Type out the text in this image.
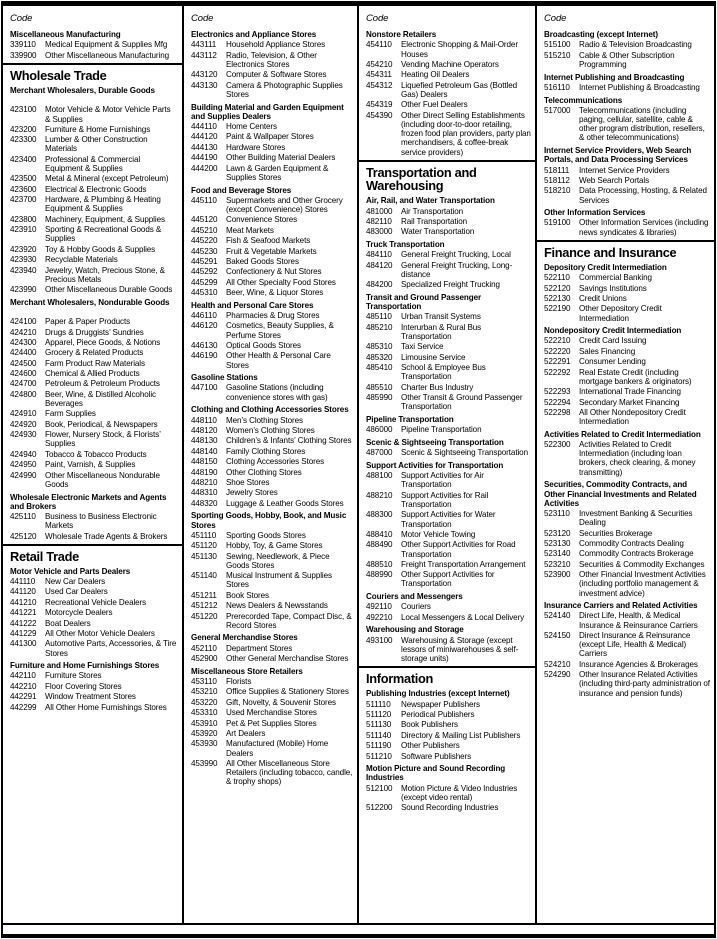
Code
Miscellaneous Manufacturing
339110	Medical Equipment & Supplies Mfg
339900	Other Miscellaneous Manufacturing
Wholesale Trade
Merchant Wholesalers, Durable Goods
423100	Motor Vehicle & Motor Vehicle Parts & Supplies
423200	Furniture & Home Furnishings
423300	Lumber & Other Construction Materials
423400	Professional & Commercial Equipment & Supplies
423500	Metal & Mineral (except Petroleum)
423600	Electrical & Electronic Goods
423700	Hardware, & Plumbing & Heating Equipment & Supplies
423800	Machinery, Equipment, & Supplies
423910	Sporting & Recreational Goods & Supplies
423920	Toy & Hobby Goods & Supplies
423930	Recyclable Materials
423940	Jewelry, Watch, Precious Stone, & Precious Metals
423990	Other Miscellaneous Durable Goods
Merchant Wholesalers, Nondurable Goods
424100	Paper & Paper Products
424210	Drugs & Druggists’ Sundries
424300	Apparel, Piece Goods, & Notions
424400	Grocery & Related Products
424500	Farm Product Raw Materials
424600	Chemical & Allied Products
424700	Petroleum & Petroleum Products
424800	Beer, Wine, & Distilled Alcoholic Beverages
424910	Farm Supplies
424920	Book, Periodical, & Newspapers
424930	Flower, Nursery Stock, & Florists’ Supplies
424940	Tobacco & Tobacco Products
424950	Paint, Varnish, & Supplies
424990	Other Miscellaneous Nondurable Goods
Wholesale Electronic Markets and Agents and Brokers
425110	Business to Business Electronic Markets
425120	Wholesale Trade Agents & Brokers
Retail Trade
Motor Vehicle and Parts Dealers
441110	New Car Dealers
441120	Used Car Dealers
441210	Recreational Vehicle Dealers
441221	Motorcycle Dealers
441222	Boat Dealers
441229	All Other Motor Vehicle Dealers
441300	Automotive Parts, Accessories, & Tire Stores
Furniture and Home Furnishings Stores
442110	Furniture Stores
442210	Floor Covering Stores
442291	Window Treatment Stores
442299	All Other Home Furnishings Stores
Code
Electronics and Appliance Stores
443111	Household Appliance Stores
443112	Radio, Television, & Other Electronics Stores
443120	Computer & Software Stores
443130	Camera & Photographic Supplies Stores
Building Material and Garden Equipment and Supplies Dealers
444110	Home Centers
444120	Paint & Wallpaper Stores
444130	Hardware Stores
444190	Other Building Material Dealers
444200	Lawn & Garden Equipment & Supplies Stores
Food and Beverage Stores
445110	Supermarkets and Other Grocery (except Convenience) Stores
445120	Convenience Stores
445210	Meat Markets
445220	Fish & Seafood Markets
445230	Fruit & Vegetable Markets
445291	Baked Goods Stores
445292	Confectionery & Nut Stores
445299	All Other Specialty Food Stores
445310	Beer, Wine, & Liquor Stores
Health and Personal Care Stores
446110	Pharmacies & Drug Stores
446120	Cosmetics, Beauty Supplies, & Perfume Stores
446130	Optical Goods Stores
446190	Other Health & Personal Care Stores
Gasoline Stations
447100	Gasoline Stations (including convenience stores with gas)
Clothing and Clothing Accessories Stores
448110	Men’s Clothing Stores
448120	Women’s Clothing Stores
448130	Children’s & Infants’ Clothing Stores
448140	Family Clothing Stores
448150	Clothing Accessories Stores
448190	Other Clothing Stores
448210	Shoe Stores
448310	Jewelry Stores
448320	Luggage & Leather Goods Stores
Sporting Goods, Hobby, Book, and Music Stores
451110	Sporting Goods Stores
451120	Hobby, Toy, & Game Stores
451130	Sewing, Needlework, & Piece Goods Stores
451140	Musical Instrument & Supplies Stores
451211	Book Stores
451212	News Dealers & Newsstands
451220	Prerecorded Tape, Compact Disc, & Record Stores
General Merchandise Stores
452110	Department Stores
452900	Other General Merchandise Stores
Miscellaneous Store Retailers
453110	Florists
453210	Office Supplies & Stationery Stores
453220	Gift, Novelty, & Souvenir Stores
453310	Used Merchandise Stores
453910	Pet & Pet Supplies Stores
453920	Art Dealers
453930	Manufactured (Mobile) Home Dealers
453990	All Other Miscellaneous Store Retailers (including tobacco, candle, & trophy shops)
Code
Nonstore Retailers
454110	Electronic Shopping & Mail-Order Houses
454210	Vending Machine Operators
454311	Heating Oil Dealers
454312	Liquefied Petroleum Gas (Bottled Gas) Dealers
454319	Other Fuel Dealers
454390	Other Direct Selling Establishments (including door-to-door retailing, frozen food plan providers, party plan merchandisers, & coffee-break service providers)
Transportation and Warehousing
Air, Rail, and Water Transportation
481000	Air Transportation
482110	Rail Transportation
483000	Water Transportation
Truck Transportation
484110	General Freight Trucking, Local
484120	General Freight Trucking, Long-distance
484200	Specialized Freight Trucking
Transit and Ground Passenger Transportation
485110	Urban Transit Systems
485210	Interurban & Rural Bus Transportation
485310	Taxi Service
485320	Limousine Service
485410	School & Employee Bus Transportation
485510	Charter Bus Industry
485990	Other Transit & Ground Passenger Transportation
Pipeline Transportation
486000	Pipeline Transportation
Scenic & Sightseeing Transportation
487000	Scenic & Sightseeing Transportation
Support Activities for Transportation
488100	Support Activities for Air Transportation
488210	Support Activities for Rail Transportation
488300	Support Activities for Water Transportation
488410	Motor Vehicle Towing
488490	Other Support Activities for Road Transportation
488510	Freight Transportation Arrangement
488990	Other Support Activities for Transportation
Couriers and Messengers
492110	Couriers
492210	Local Messengers & Local Delivery
Warehousing and Storage
493100	Warehousing & Storage (except lessors of miniwarehouses & self-storage units)
Information
Publishing Industries (except Internet)
511110	Newspaper Publishers
511120	Periodical Publishers
511130	Book Publishers
511140	Directory & Mailing List Publishers
511190	Other Publishers
511210	Software Publishers
Motion Picture and Sound Recording Industries
512100	Motion Picture & Video Industries (except video rental)
512200	Sound Recording Industries
Code
Broadcasting (except Internet)
515100	Radio & Television Broadcasting
515210	Cable & Other Subscription Programming
Internet Publishing and Broadcasting
516110	Internet Publishing & Broadcasting
Telecommunications
517000	Telecommunications (including paging, cellular, satellite, cable & other program distribution, resellers, & other telecommunications)
Internet Service Providers, Web Search Portals, and Data Processing Services
518111	Internet Service Providers
518112	Web Search Portals
518210	Data Processing, Hosting, & Related Services
Other Information Services
519100	Other Information Services (including news syndicates & libraries)
Finance and Insurance
Depository Credit Intermediation
522110	Commercial Banking
522120	Savings Institutions
522130	Credit Unions
522190	Other Depository Credit Intermediation
Nondepository Credit Intermediation
522210	Credit Card Issuing
522220	Sales Financing
522291	Consumer Lending
522292	Real Estate Credit (including mortgage bankers & originators)
522293	International Trade Financing
522294	Secondary Market Financing
522298	All Other Nondepository Credit Intermediation
Activities Related to Credit Intermediation
522300	Activities Related to Credit Intermediation (including loan brokers, check clearing, & money transmitting)
Securities, Commodity Contracts, and Other Financial Investments and Related Activities
523110	Investment Banking & Securities Dealing
523120	Securities Brokerage
523130	Commodity Contracts Dealing
523140	Commodity Contracts Brokerage
523210	Securities & Commodity Exchanges
523900	Other Financial Investment Activities (including portfolio management & investment advice)
Insurance Carriers and Related Activities
524140	Direct Life, Health, & Medical Insurance & Reinsurance Carriers
524150	Direct Insurance & Reinsurance (except Life, Health & Medical) Carriers
524210	Insurance Agencies & Brokerages
524290	Other Insurance Related Activities (including third-party administration of insurance and pension funds)
